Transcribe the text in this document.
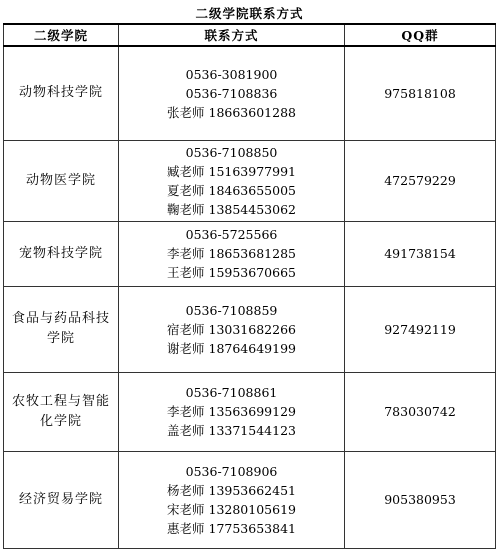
二级学院联系方式		
二级学院	联系方式	QQ群
动物科技学院	0536-3081900
0536-7108836
张老师 18663601288	975818108
动物医学院	0536-7108850
臧老师 15163977991
夏老师 18463655005
鞠老师 13854453062	472579229
宠物科技学院	0536-5725566
李老师 18653681285
王老师 15953670665	491738154
食品与药品科技学院	0536-7108859
宿老师 13031682266
谢老师 18764649199	927492119
农牧工程与智能化学院	0536-7108861
李老师 13563699129
盖老师 13371544123	783030742
经济贸易学院	0536-7108906
杨老师 13953662451
宋老师 13280105619
惠老师 17753653841	905380953
